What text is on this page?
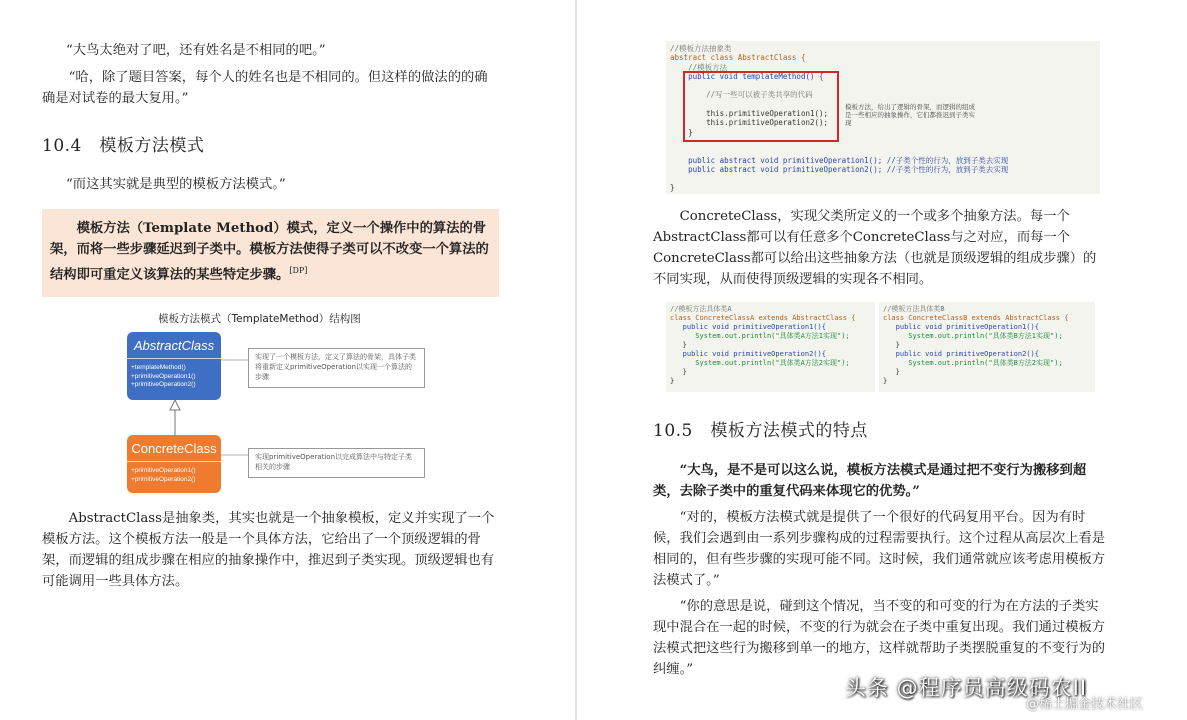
“大鸟太绝对了吧，还有姓名是不相同的吧。”

“哈，除了题目答案，每个人的姓名也是不相同的。但这样的做法的的确确是对试卷的最大复用。”

10.4　模板方法模式

“而这其实就是典型的模板方法模式。”

模板方法（Template Method）模式，定义一个操作中的算法的骨架，而将一些步骤延迟到子类中。模板方法使得子类可以不改变一个算法的结构即可重定义该算法的某些特定步骤。[DP]

模板方法模式（TemplateMethod）结构图
AbstractClass
+templateMethod()
+primitiveOperation1()
+primitiveOperation2()
ConcreteClass
+primitiveOperation1()
+primitiveOperation2()
实现了一个模板方法，定义了算法的骨架，具体子类将重新定义primitiveOperation以实现一个算法的步骤
实现primitiveOperation以完成算法中与特定子类相关的步骤

AbstractClass是抽象类，其实也就是一个抽象模板，定义并实现了一个模板方法。这个模板方法一般是一个具体方法，它给出了一个顶级逻辑的骨架，而逻辑的组成步骤在相应的抽象操作中，推迟到子类实现。顶级逻辑也有可能调用一些具体方法。

//模板方法抽象类
abstract class AbstractClass {
//模板方法
public void templateMethod() {

//写一些可以被子类共享的代码

this.primitiveOperation1();
this.primitiveOperation2();
}

public abstract void primitiveOperation1(); //子类个性的行为，放到子类去实现
public abstract void primitiveOperation2(); //子类个性的行为，放到子类去实现

}
模板方法，给出了逻辑的骨架，而逻辑的组成是一些相应的抽象操作，它们都推迟到子类实现

ConcreteClass，实现父类所定义的一个或多个抽象方法。每一个AbstractClass都可以有任意多个ConcreteClass与之对应，而每一个ConcreteClass都可以给出这些抽象方法（也就是顶级逻辑的组成步骤）的不同实现，从而使得顶级逻辑的实现各不相同。

//模板方法具体类A
class ConcreteClassA extends AbstractClass {
public void primitiveOperation1(){
System.out.println("具体类A方法1实现");
}
public void primitiveOperation2(){
System.out.println("具体类A方法2实现");
}
}
//模板方法具体类B
class ConcreteClassB extends AbstractClass {
public void primitiveOperation1(){
System.out.println("具体类B方法1实现");
}
public void primitiveOperation2(){
System.out.println("具体类B方法2实现");
}
}
10.5　模板方法模式的特点

“大鸟，是不是可以这么说，模板方法模式是通过把不变行为搬移到超类，去除子类中的重复代码来体现它的优势。”

“对的，模板方法模式就是提供了一个很好的代码复用平台。因为有时候，我们会遇到由一系列步骤构成的过程需要执行。这个过程从高层次上看是相同的，但有些步骤的实现可能不同。这时候，我们通常就应该考虑用模板方法模式了。”

“你的意思是说，碰到这个情况，当不变的和可变的行为在方法的子类实现中混合在一起的时候，不变的行为就会在子类中重复出现。我们通过模板方法模式把这些行为搬移到单一的地方，这样就帮助子类摆脱重复的不变行为的纠缠。”

头条 @程序员高级码农II
@稀土掘金技术社区
